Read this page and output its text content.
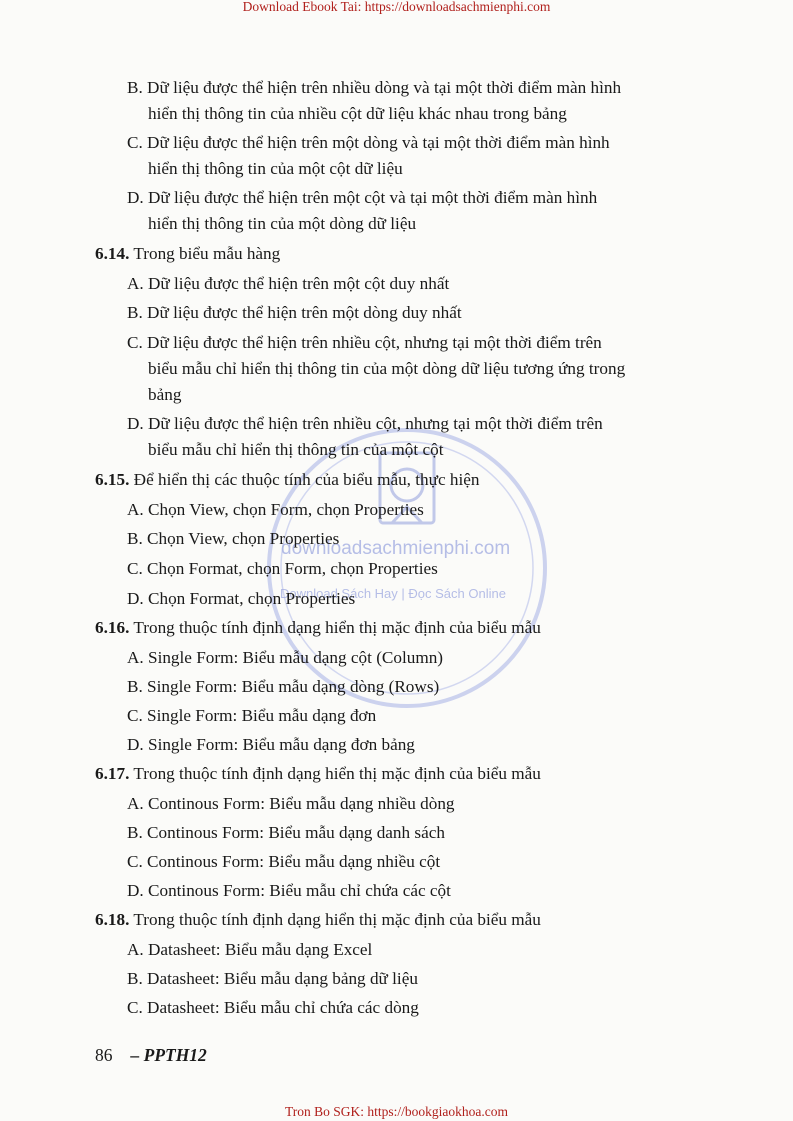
Download Ebook Tai: https://downloadsachmienphi.com
downloadsachmienphi.com
Download Sách Hay | Đọc Sách Online
B. Dữ liệu được thể hiện trên nhiều dòng và tại một thời điểm màn hình
hiển thị thông tin của nhiều cột dữ liệu khác nhau trong bảng
C. Dữ liệu được thể hiện trên một dòng và tại một thời điểm màn hình
hiển thị thông tin của một cột dữ liệu
D. Dữ liệu được thể hiện trên một cột và tại một thời điểm màn hình
hiển thị thông tin của một dòng dữ liệu
6.14. Trong biểu mẫu hàng
A. Dữ liệu được thể hiện trên một cột duy nhất
B. Dữ liệu được thể hiện trên một dòng duy nhất
C. Dữ liệu được thể hiện trên nhiều cột, nhưng tại một thời điểm trên
biểu mẫu chỉ hiển thị thông tin của một dòng dữ liệu tương ứng trong
bảng
D. Dữ liệu được thể hiện trên nhiều cột, nhưng tại một thời điểm trên
biểu mẫu chỉ hiển thị thông tin của một cột
6.15. Để hiển thị các thuộc tính của biểu mẫu, thực hiện
A. Chọn View, chọn Form, chọn Properties
B. Chọn View, chọn Properties
C. Chọn Format, chọn Form, chọn Properties
D. Chọn Format, chọn Properties
6.16. Trong thuộc tính định dạng hiển thị mặc định của biểu mẫu
A. Single Form: Biểu mẫu dạng cột (Column)
B. Single Form: Biểu mẫu dạng dòng (Rows)
C. Single Form: Biểu mẫu dạng đơn
D. Single Form: Biểu mẫu dạng đơn bảng
6.17. Trong thuộc tính định dạng hiển thị mặc định của biểu mẫu
A. Continous Form: Biểu mẫu dạng nhiều dòng
B. Continous Form: Biểu mẫu dạng danh sách
C. Continous Form: Biểu mẫu dạng nhiều cột
D. Continous Form: Biểu mẫu chỉ chứa các cột
6.18. Trong thuộc tính định dạng hiển thị mặc định của biểu mẫu
A. Datasheet: Biểu mẫu dạng Excel
B. Datasheet: Biểu mẫu dạng bảng dữ liệu
C. Datasheet: Biểu mẫu chỉ chứa các dòng
86 – PPTH12
Tron Bo SGK: https://bookgiaokhoa.com
